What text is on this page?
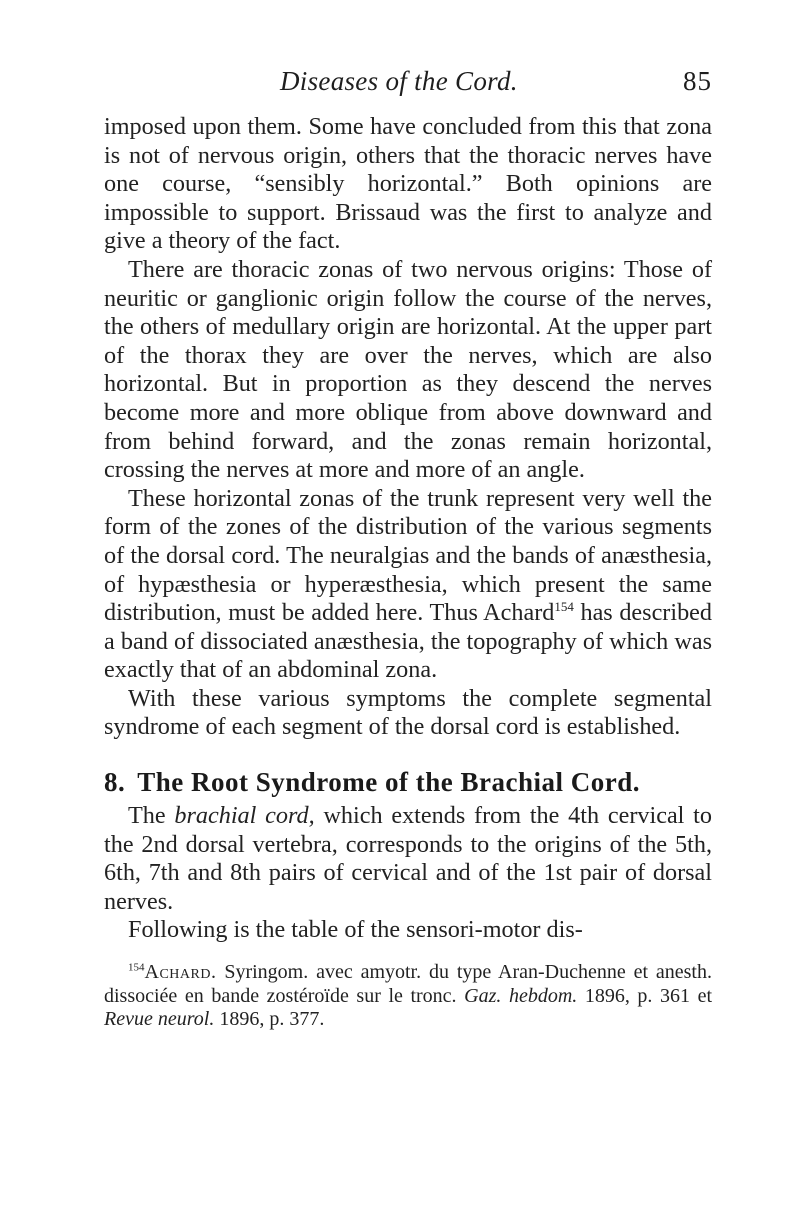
Diseases of the Cord.	85

imposed upon them. Some have concluded from this that zona is not of nervous origin, others that the thoracic nerves have one course, “sensibly horizontal.” Both opinions are impossible to support. Brissaud was the first to analyze and give a theory of the fact.

There are thoracic zonas of two nervous origins: Those of neuritic or ganglionic origin follow the course of the nerves, the others of medullary origin are horizontal. At the upper part of the thorax they are over the nerves, which are also horizontal. But in proportion as they descend the nerves become more and more oblique from above downward and from behind forward, and the zonas remain horizontal, crossing the nerves at more and more of an angle.

These horizontal zonas of the trunk represent very well the form of the zones of the distribution of the various segments of the dorsal cord. The neuralgias and the bands of anæsthesia, of hypæsthesia or hyperæsthesia, which present the same distribution, must be added here. Thus Achard$^{154}$ has described a band of dissociated anæsthesia, the topography of which was exactly that of an abdominal zona.

With these various symptoms the complete segmental syndrome of each segment of the dorsal cord is established.

8. The Root Syndrome of the Brachial Cord.

The brachial cord, which extends from the 4th cervical to the 2nd dorsal vertebra, corresponds to the origins of the 5th, 6th, 7th and 8th pairs of cervical and of the 1st pair of dorsal nerves.

Following is the table of the sensori-motor dis-

$^{154}$Achard. Syringom. avec amyotr. du type Aran-Duchenne et anesth. dissociée en bande zostéroïde sur le tronc. Gaz. hebdom. 1896, p. 361 et Revue neurol. 1896, p. 377.
